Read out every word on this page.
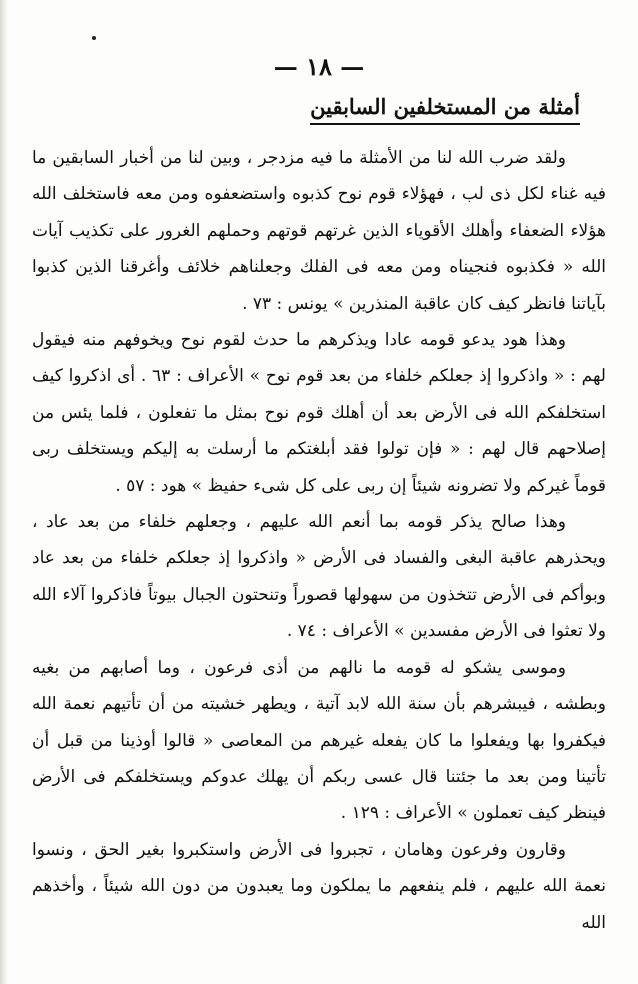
— ١٨ —
أمثلة من المستخلفين السابقين

ولقد ضرب الله لنا من الأمثلة ما فيه مزدجر ، وبين لنا من أخبار السابقين ما فيه غناء لكل ذى لب ، فهؤلاء قوم نوح كذبوه واستضعفوه ومن معه فاستخلف الله هؤلاء الضعفاء وأهلك الأقوياء الذين غرتهم قوتهم وحملهم الغرور على تكذيب آيات الله « فكذبوه فنجيناه ومن معه فى الفلك وجعلناهم خلائف وأغرقنا الذين كذبوا بآياتنا فانظر كيف كان عاقبة المنذرين » يونس : ٧٣ .

وهذا هود يدعو قومه عادا ويذكرهم ما حدث لقوم نوح ويخوفهم منه فيقول لهم : « واذكروا إذ جعلكم خلفاء من بعد قوم نوح » الأعراف : ٦٣ . أى اذكروا كيف استخلفكم الله فى الأرض بعد أن أهلك قوم نوح بمثل ما تفعلون ، فلما يئس من إصلاحهم قال لهم : « فإن تولوا فقد أبلغتكم ما أرسلت به إليكم ويستخلف ربى قوماً غيركم ولا تضرونه شيئاً إن ربى على كل شىء حفيظ » هود : ٥٧ .

وهذا صالح يذكر قومه بما أنعم الله عليهم ، وجعلهم خلفاء من بعد عاد ، ويحذرهم عاقبة البغى والفساد فى الأرض « واذكروا إذ جعلكم خلفاء من بعد عاد وبوأكم فى الأرض تتخذون من سهولها قصوراً وتنحتون الجبال بيوتاً فاذكروا آلاء الله ولا تعثوا فى الأرض مفسدين » الأعراف : ٧٤ .

وموسى يشكو له قومه ما نالهم من أذى فرعون ، وما أصابهم من بغيه وبطشه ، فيبشرهم بأن سنة الله لابد آتية ، ويطهر خشيته من أن تأتيهم نعمة الله فيكفروا بها ويفعلوا ما كان يفعله غيرهم من المعاصى « قالوا أوذينا من قبل أن تأتينا ومن بعد ما جئتنا قال عسى ربكم أن يهلك عدوكم ويستخلفكم فى الأرض فينظر كيف تعملون » الأعراف : ١٢٩ .

وقارون وفرعون وهامان ، تجبروا فى الأرض واستكبروا بغير الحق ، ونسوا نعمة الله عليهم ، فلم ينفعهم ما يملكون وما يعبدون من دون الله شيئاً ، وأخذهم الله
